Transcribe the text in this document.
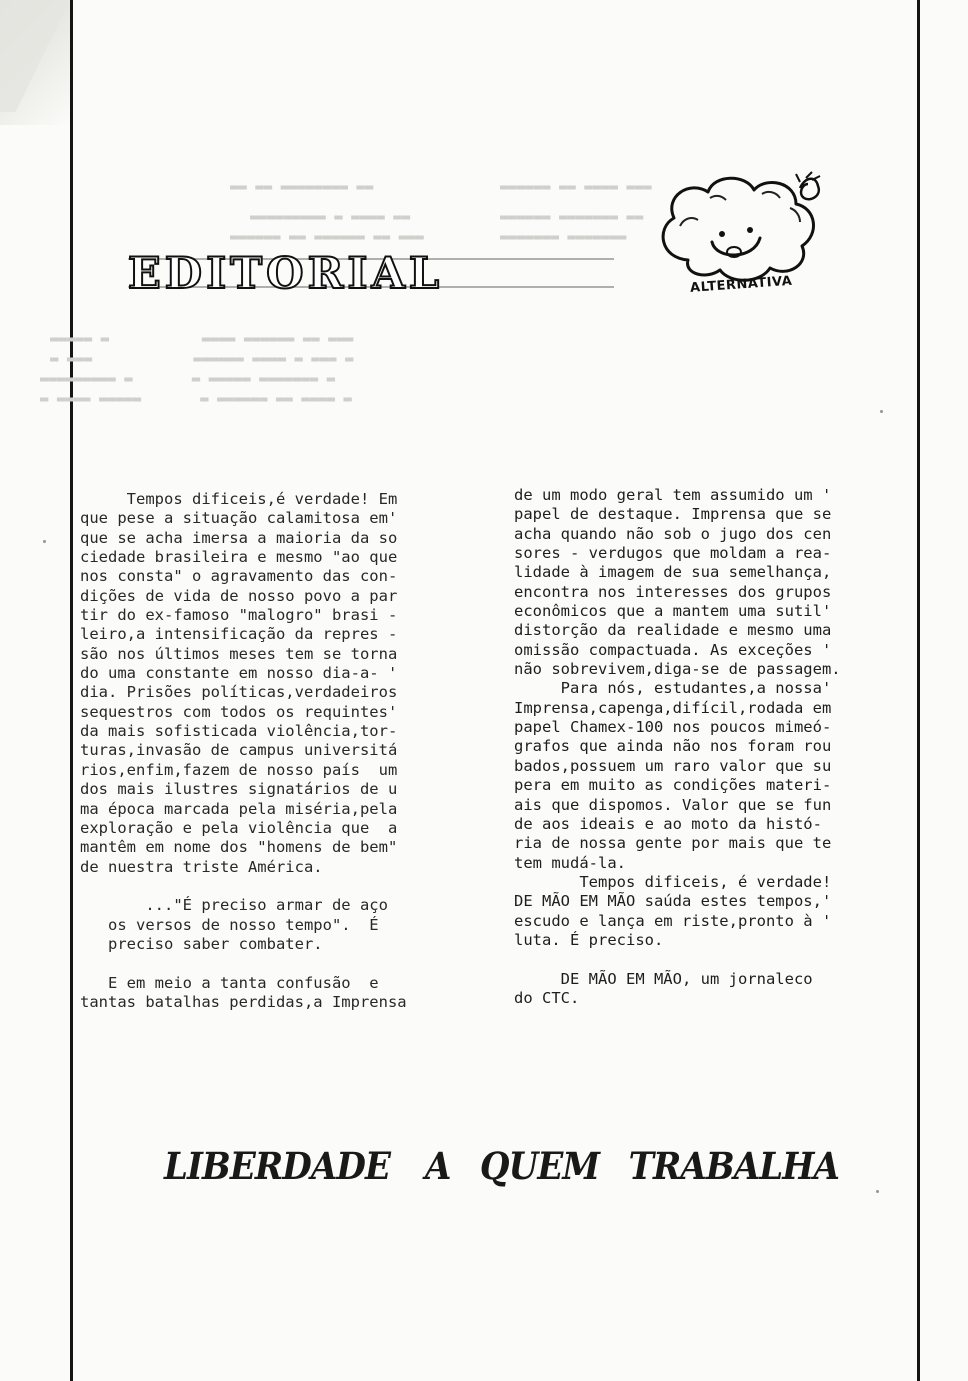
▬▬ ▬▬ ▬▬▬▬▬▬▬▬ ▬▬
▬▬▬▬▬▬▬▬▬ ▬ ▬▬▬▬ ▬▬
▬▬▬▬▬▬ ▬▬ ▬▬▬▬▬▬ ▬▬ ▬▬▬
▬▬▬▬▬ ▬           ▬▬▬▬ ▬▬▬▬▬▬ ▬▬ ▬▬▬
▬ ▬▬▬            ▬▬▬▬▬▬ ▬▬▬▬ ▬ ▬▬▬ ▬
▬▬▬▬▬▬▬▬▬ ▬       ▬ ▬▬▬▬▬ ▬▬▬▬▬▬▬ ▬
▬ ▬▬▬▬ ▬▬▬▬▬       ▬ ▬▬▬▬▬▬ ▬▬ ▬▬▬▬ ▬
▬▬▬▬▬▬ ▬▬ ▬▬▬▬ ▬▬▬
▬▬▬▬▬▬ ▬▬▬▬▬▬▬ ▬▬
▬▬▬▬▬▬▬ ▬▬▬▬▬▬▬
EDITORIAL	ALTERNATIVA
Tempos dificeis,é verdade! Em
que pese a situação calamitosa em'
que se acha imersa a maioria da so
ciedade brasileira e mesmo "ao que
nos consta" o agravamento das con-
dições de vida de nosso povo a par
tir do ex-famoso "malogro" brasi -
leiro,a intensificação da repres -
são nos últimos meses tem se torna
do uma constante em nosso dia-a- '
dia. Prisões políticas,verdadeiros
sequestros com todos os requintes'
da mais sofisticada violência,tor-
turas,invasão de campus universitá
rios,enfim,fazem de nosso país  um
dos mais ilustres signatários de u
ma época marcada pela miséria,pela
exploração e pela violência que  a
mantêm em nome dos "homens de bem"
de nuestra triste América.
..."É preciso armar de aço
os versos de nosso tempo".  É
preciso saber combater.
E em meio a tanta confusão  e
tantas batalhas perdidas,a Imprensa
de um modo geral tem assumido um '
papel de destaque. Imprensa que se
acha quando não sob o jugo dos cen
sores - verdugos que moldam a rea-
lidade à imagem de sua semelhança,
encontra nos interesses dos grupos
econômicos que a mantem uma sutil'
distorção da realidade e mesmo uma
omissão compactuada. As exceções '
não sobrevivem,diga-se de passagem.
Para nós, estudantes,a nossa'
Imprensa,capenga,difícil,rodada em
papel Chamex-100 nos poucos mimeó-
grafos que ainda não nos foram rou
bados,possuem um raro valor que su
pera em muito as condições materi-
ais que dispomos. Valor que se fun
de aos ideais e ao moto da histó-
ria de nossa gente por mais que te
tem mudá-la.
Tempos dificeis, é verdade!
DE MÃO EM MÃO saúda estes tempos,'
escudo e lança em riste,pronto à '
luta. É preciso.
DE MÃO EM MÃO, um jornaleco
do CTC.
LIBERDADE A QUEM TRABALHA
